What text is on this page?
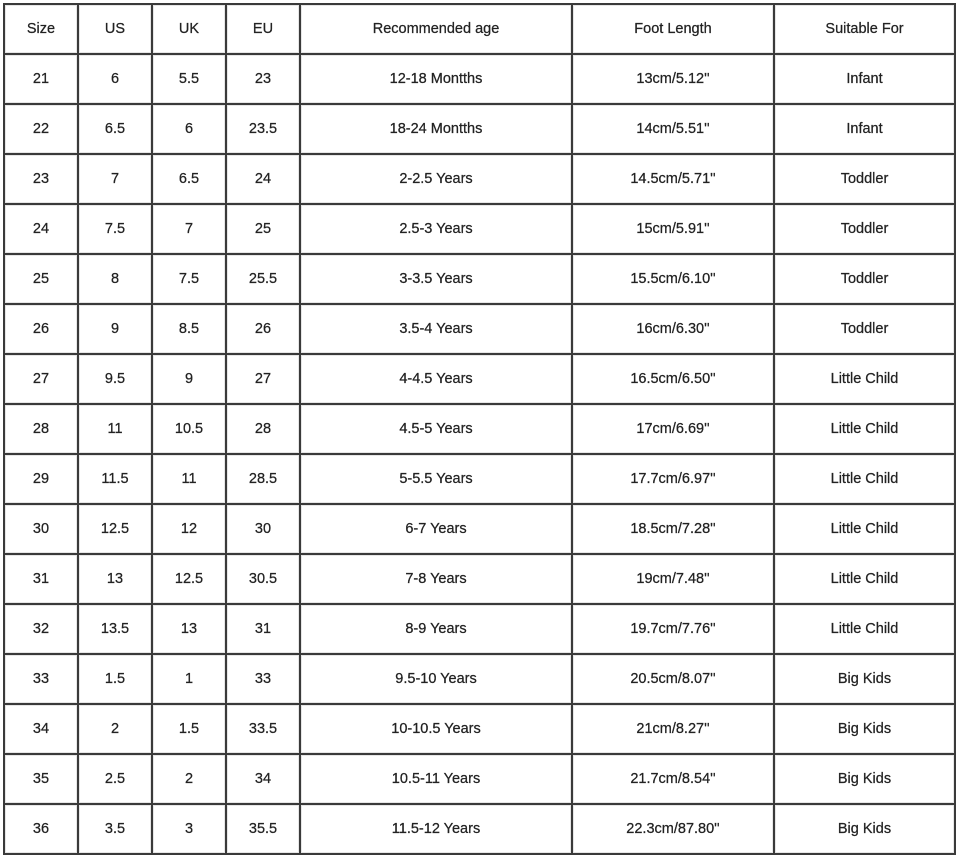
Size	US	UK	EU	Recommended age	Foot Length	Suitable For
21	6	5.5	23	12-18 Montths	13cm/5.12''	Infant
22	6.5	6	23.5	18-24 Montths	14cm/5.51''	Infant
23	7	6.5	24	2-2.5 Years	14.5cm/5.71''	Toddler
24	7.5	7	25	2.5-3 Years	15cm/5.91''	Toddler
25	8	7.5	25.5	3-3.5 Years	15.5cm/6.10''	Toddler
26	9	8.5	26	3.5-4 Years	16cm/6.30''	Toddler
27	9.5	9	27	4-4.5 Years	16.5cm/6.50''	Little Child
28	11	10.5	28	4.5-5 Years	17cm/6.69''	Little Child
29	11.5	11	28.5	5-5.5 Years	17.7cm/6.97''	Little Child
30	12.5	12	30	6-7 Years	18.5cm/7.28''	Little Child
31	13	12.5	30.5	7-8 Years	19cm/7.48''	Little Child
32	13.5	13	31	8-9 Years	19.7cm/7.76''	Little Child
33	1.5	1	33	9.5-10 Years	20.5cm/8.07''	Big Kids
34	2	1.5	33.5	10-10.5 Years	21cm/8.27''	Big Kids
35	2.5	2	34	10.5-11 Years	21.7cm/8.54''	Big Kids
36	3.5	3	35.5	11.5-12 Years	22.3cm/87.80''	Big Kids
